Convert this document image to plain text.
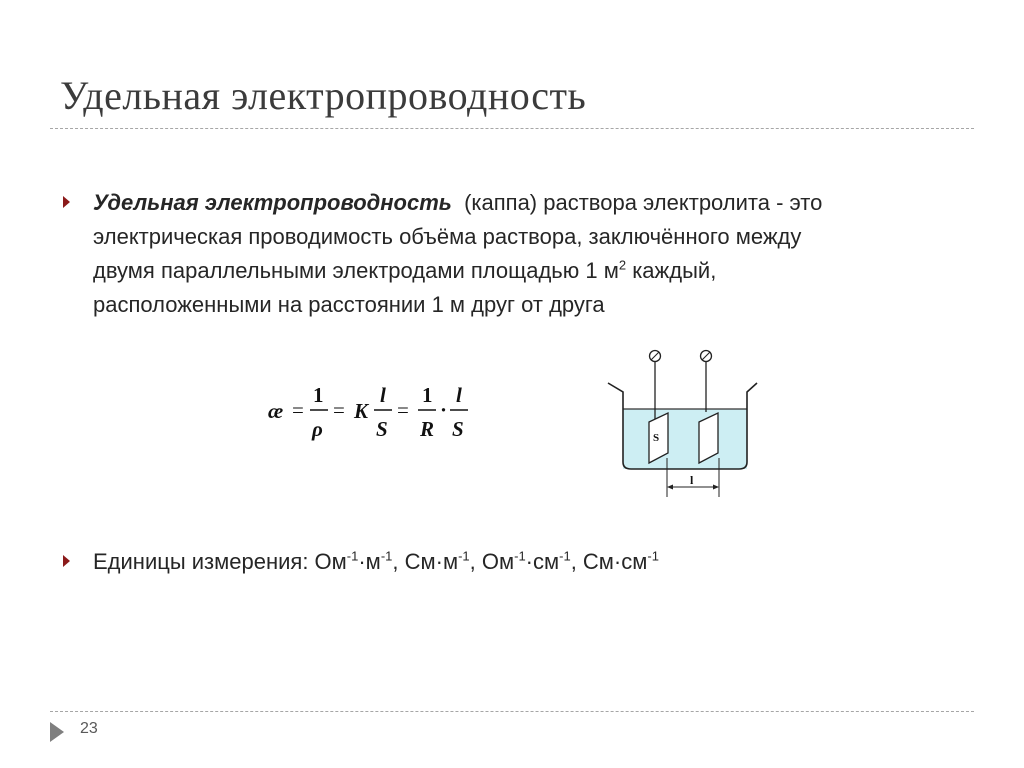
Удельная электропроводность

Удельная электропроводность (каппа) раствора электролита - это
электрическая проводимость объёма раствора, заключённого между
двумя параллельными электродами площадью 1 $м^2$ каждый,
расположенными на расстоянии 1 м друг от друга

æ =
1
ρ
= K
l
S
=
1
R
·
l
S	S
l

Единицы измерения: $Ом^{-1}\cdot м^{-1}$, $См\cdot м^{-1}$, $Ом^{-1}\cdot см^{-1}$, $См\cdot см^{-1}$

23
